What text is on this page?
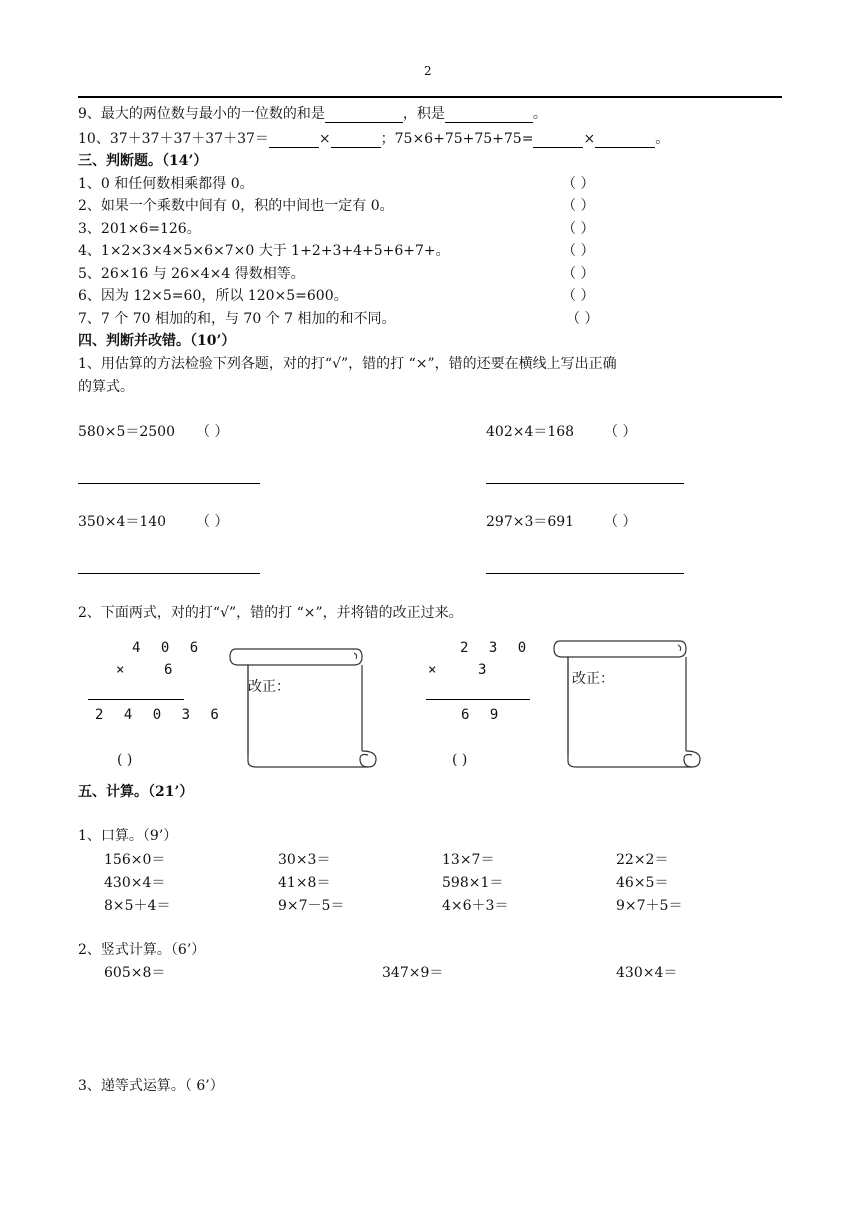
2
9、最大的两位数与最小的一位数的和是	，积是	。
10、37＋37＋37＋37＋37＝	×	；75×6+75+75+75=	×	。
三、判断题。（14’）
1、0 和任何数相乘都得 0。	（ ）
2、如果一个乘数中间有 0，积的中间也一定有 0。	（ ）
3、201×6=126。	（ ）
4、1×2×3×4×5×6×7×0 大于 1+2+3+4+5+6+7+。	（ ）
5、26×16 与 26×4×4 得数相等。	（ ）
6、因为 12×5=60，所以 120×5=600。	（ ）
7、7 个 70 相加的和，与 70 个 7 相加的和不同。	（ ）
四、判断并改错。（10’）
1、用估算的方法检验下列各题，对的打“√”，错的打 “×”，错的还要在横线上写出正确
的算式。
580×5＝2500 （ ）	402×4＝168 （ ）
350×4＝140 （ ）	297×3＝691 （ ）
2、下面两式，对的打“√”，错的打 “×”，并将错的改正过来。
4 0 6
× 6
2 4 0 3 6
( )
改正：
2 3 0
×	3
6 9
( )
改正：
五、计算。（21’）
1、口算。（9’）
156×0＝	30×3＝	13×7＝	22×2＝
430×4＝	41×8＝	598×1＝	46×5＝
8×5＋4＝	9×7－5＝	4×6＋3＝	9×7＋5＝
2、竖式计算。（6’）
605×8＝	347×9＝	430×4＝
3、递等式运算。（ 6’）
